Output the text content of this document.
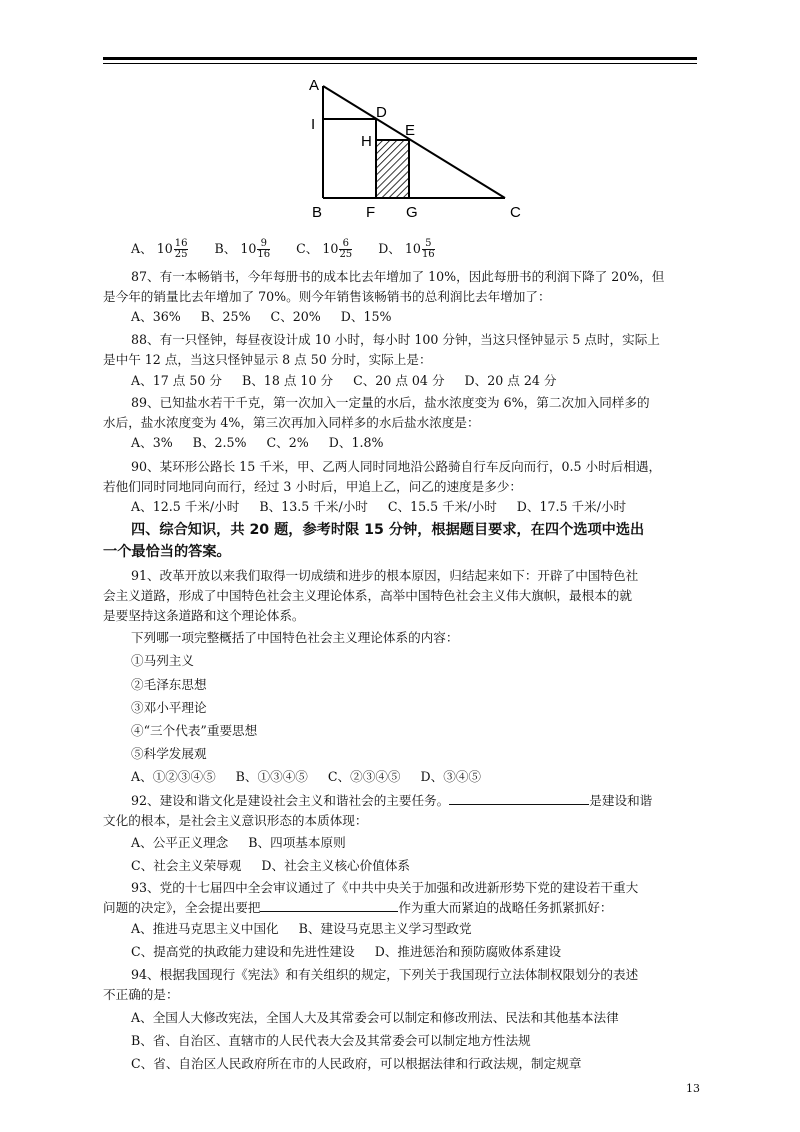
A
D
I
H
E
B	F G	C
A、 $10 \frac{16}{25}$ B、 $10 \frac{9}{16}$ C、 $10 \frac{6}{25}$ D、 $10 \frac{5}{16}$
87、有一本畅销书，今年每册书的成本比去年增加了 10%，因此每册书的利润下降了 20%，但
是今年的销量比去年增加了 70%。则今年销售该畅销书的总利润比去年增加了：
A、36%     B、25%     C、20%     D、15%
88、有一只怪钟，每昼夜设计成 10 小时，每小时 100 分钟，当这只怪钟显示 5 点时，实际上
是中午 12 点，当这只怪钟显示 8 点 50 分时，实际上是：
A、17 点 50 分     B、18 点 10 分     C、20 点 04 分     D、20 点 24 分
89、已知盐水若干千克，第一次加入一定量的水后，盐水浓度变为 6%，第二次加入同样多的
水后，盐水浓度变为 4%，第三次再加入同样多的水后盐水浓度是：
A、3%     B、2.5%     C、2%     D、1.8%
90、某环形公路长 15 千米，甲、乙两人同时同地沿公路骑自行车反向而行，0.5 小时后相遇，
若他们同时同地同向而行，经过 3 小时后，甲追上乙，问乙的速度是多少：
A、12.5 千米/小时     B、13.5 千米/小时     C、15.5 千米/小时     D、17.5 千米/小时
四、综合知识，共 20 题，参考时限 15 分钟，根据题目要求，在四个选项中选出
一个最恰当的答案。
91、改革开放以来我们取得一切成绩和进步的根本原因，归结起来如下：开辟了中国特色社
会主义道路，形成了中国特色社会主义理论体系，高举中国特色社会主义伟大旗帜，最根本的就
是要坚持这条道路和这个理论体系。
下列哪一项完整概括了中国特色社会主义理论体系的内容：
①马列主义
②毛泽东思想
③邓小平理论
④“三个代表”重要思想
⑤科学发展观
A、①②③④⑤     B、①③④⑤     C、②③④⑤     D、③④⑤
92、建设和谐文化是建设社会主义和谐社会的主要任务。	是建设和谐
文化的根本，是社会主义意识形态的本质体现：
A、公平正义理念     B、四项基本原则
C、社会主义荣辱观     D、社会主义核心价值体系
93、党的十七届四中全会审议通过了《中共中央关于加强和改进新形势下党的建设若干重大
问题的决定》，全会提出要把	作为重大而紧迫的战略任务抓紧抓好：
A、推进马克思主义中国化     B、建设马克思主义学习型政党
C、提高党的执政能力建设和先进性建设     D、推进惩治和预防腐败体系建设
94、根据我国现行《宪法》和有关组织的规定，下列关于我国现行立法体制权限划分的表述
不正确的是：
A、全国人大修改宪法，全国人大及其常委会可以制定和修改刑法、民法和其他基本法律
B、省、自治区、直辖市的人民代表大会及其常委会可以制定地方性法规
C、省、自治区人民政府所在市的人民政府，可以根据法律和行政法规，制定规章
13
